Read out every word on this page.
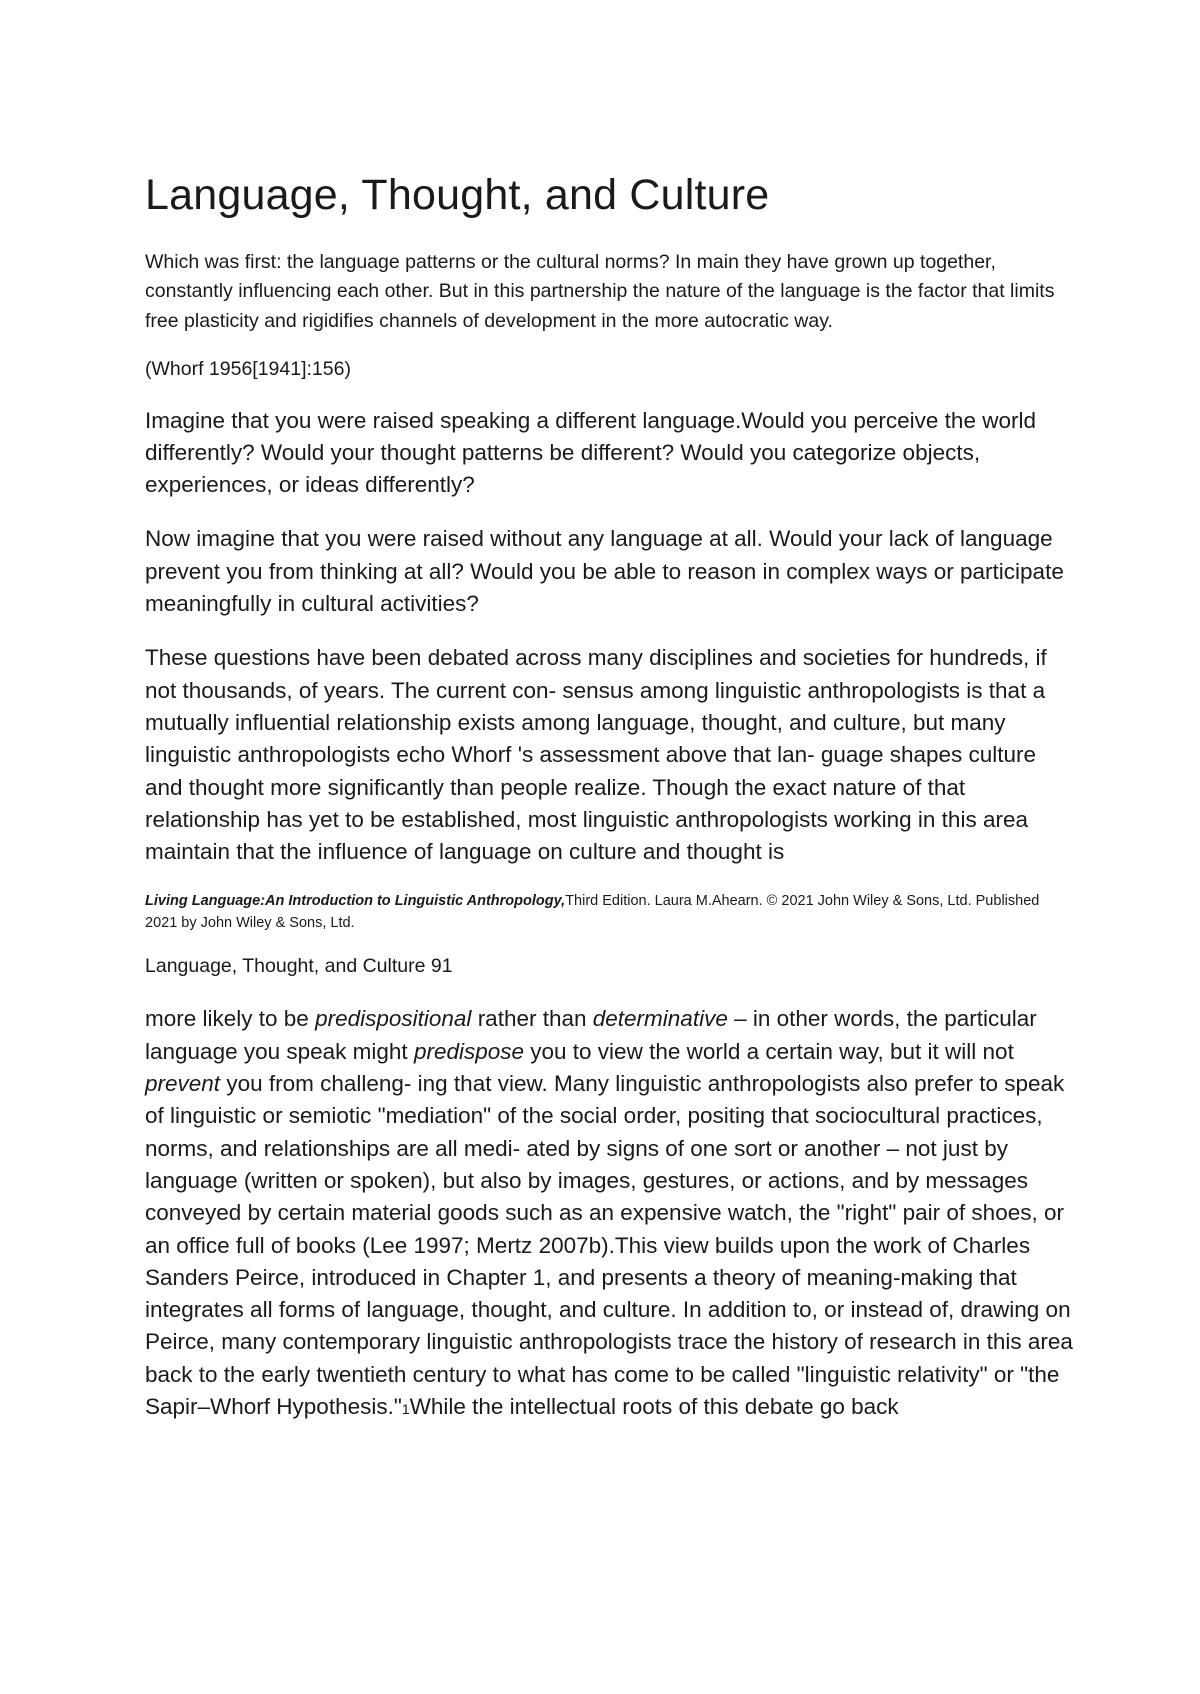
Language, Thought, and Culture

Which was first: the language patterns or the cultural norms? In main they have grown up together, constantly influencing each other. But in this partnership the nature of the language is the factor that limits free plasticity and rigidifies channels of development in the more autocratic way.

(Whorf 1956[1941]:156)

Imagine that you were raised speaking a different language.Would you perceive the world differently? Would your thought patterns be different? Would you categorize objects, experiences, or ideas differently?

Now imagine that you were raised without any language at all. Would your lack of language prevent you from thinking at all? Would you be able to reason in complex ways or participate meaningfully in cultural activities?

These questions have been debated across many disciplines and societies for hundreds, if not thousands, of years. The current con- sensus among linguistic anthropologists is that a mutually influential relationship exists among language, thought, and culture, but many linguistic anthropologists echo Whorf 's assessment above that lan- guage shapes culture and thought more significantly than people realize. Though the exact nature of that relationship has yet to be established, most linguistic anthropologists working in this area maintain that the influence of language on culture and thought is

Living Language:An Introduction to Linguistic Anthropology,Third Edition. Laura M.Ahearn. © 2021 John Wiley & Sons, Ltd. Published 2021 by John Wiley & Sons, Ltd.

Language, Thought, and Culture 91

more likely to be predispositional rather than determinative – in other words, the particular language you speak might predispose you to view the world a certain way, but it will not prevent you from challeng- ing that view. Many linguistic anthropologists also prefer to speak of linguistic or semiotic "mediation" of the social order, positing that sociocultural practices, norms, and relationships are all medi- ated by signs of one sort or another – not just by language (written or spoken), but also by images, gestures, or actions, and by messages conveyed by certain material goods such as an expensive watch, the "right" pair of shoes, or an office full of books (Lee 1997; Mertz 2007b).This view builds upon the work of Charles Sanders Peirce, introduced in Chapter 1, and presents a theory of meaning-making that integrates all forms of language, thought, and culture. In addition to, or instead of, drawing on Peirce, many contemporary linguistic anthropologists trace the history of research in this area back to the early twentieth century to what has come to be called "linguistic relativity" or "the Sapir–Whorf Hypothesis."1While the intellectual roots of this debate go back
